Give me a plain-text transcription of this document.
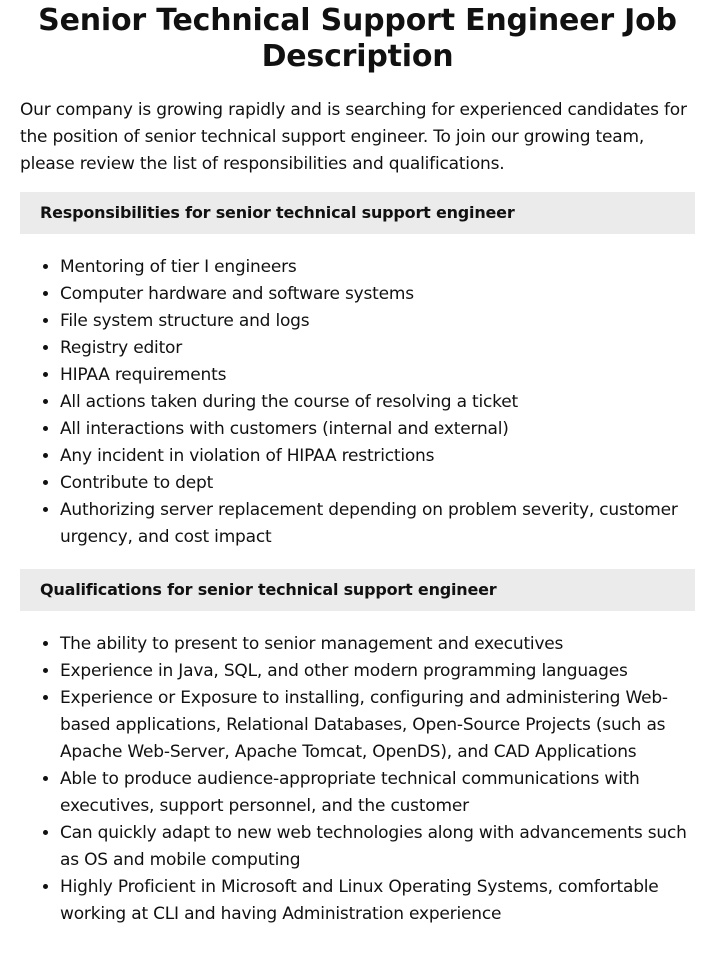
Senior Technical Support Engineer Job Description

Our company is growing rapidly and is searching for experienced candidates for the position of senior technical support engineer. To join our growing team, please review the list of responsibilities and qualifications.

Responsibilities for senior technical support engineer
• Mentoring of tier I engineers
• Computer hardware and software systems
• File system structure and logs
• Registry editor
• HIPAA requirements
• All actions taken during the course of resolving a ticket
• All interactions with customers (internal and external)
• Any incident in violation of HIPAA restrictions
• Contribute to dept
• Authorizing server replacement depending on problem severity, customer urgency, and cost impact
Qualifications for senior technical support engineer
• The ability to present to senior management and executives
• Experience in Java, SQL, and other modern programming languages
• Experience or Exposure to installing, configuring and administering Web-based applications, Relational Databases, Open-Source Projects (such as Apache Web-Server, Apache Tomcat, OpenDS), and CAD Applications
• Able to produce audience-appropriate technical communications with executives, support personnel, and the customer
• Can quickly adapt to new web technologies along with advancements such as OS and mobile computing
• Highly Proficient in Microsoft and Linux Operating Systems, comfortable working at CLI and having Administration experience
